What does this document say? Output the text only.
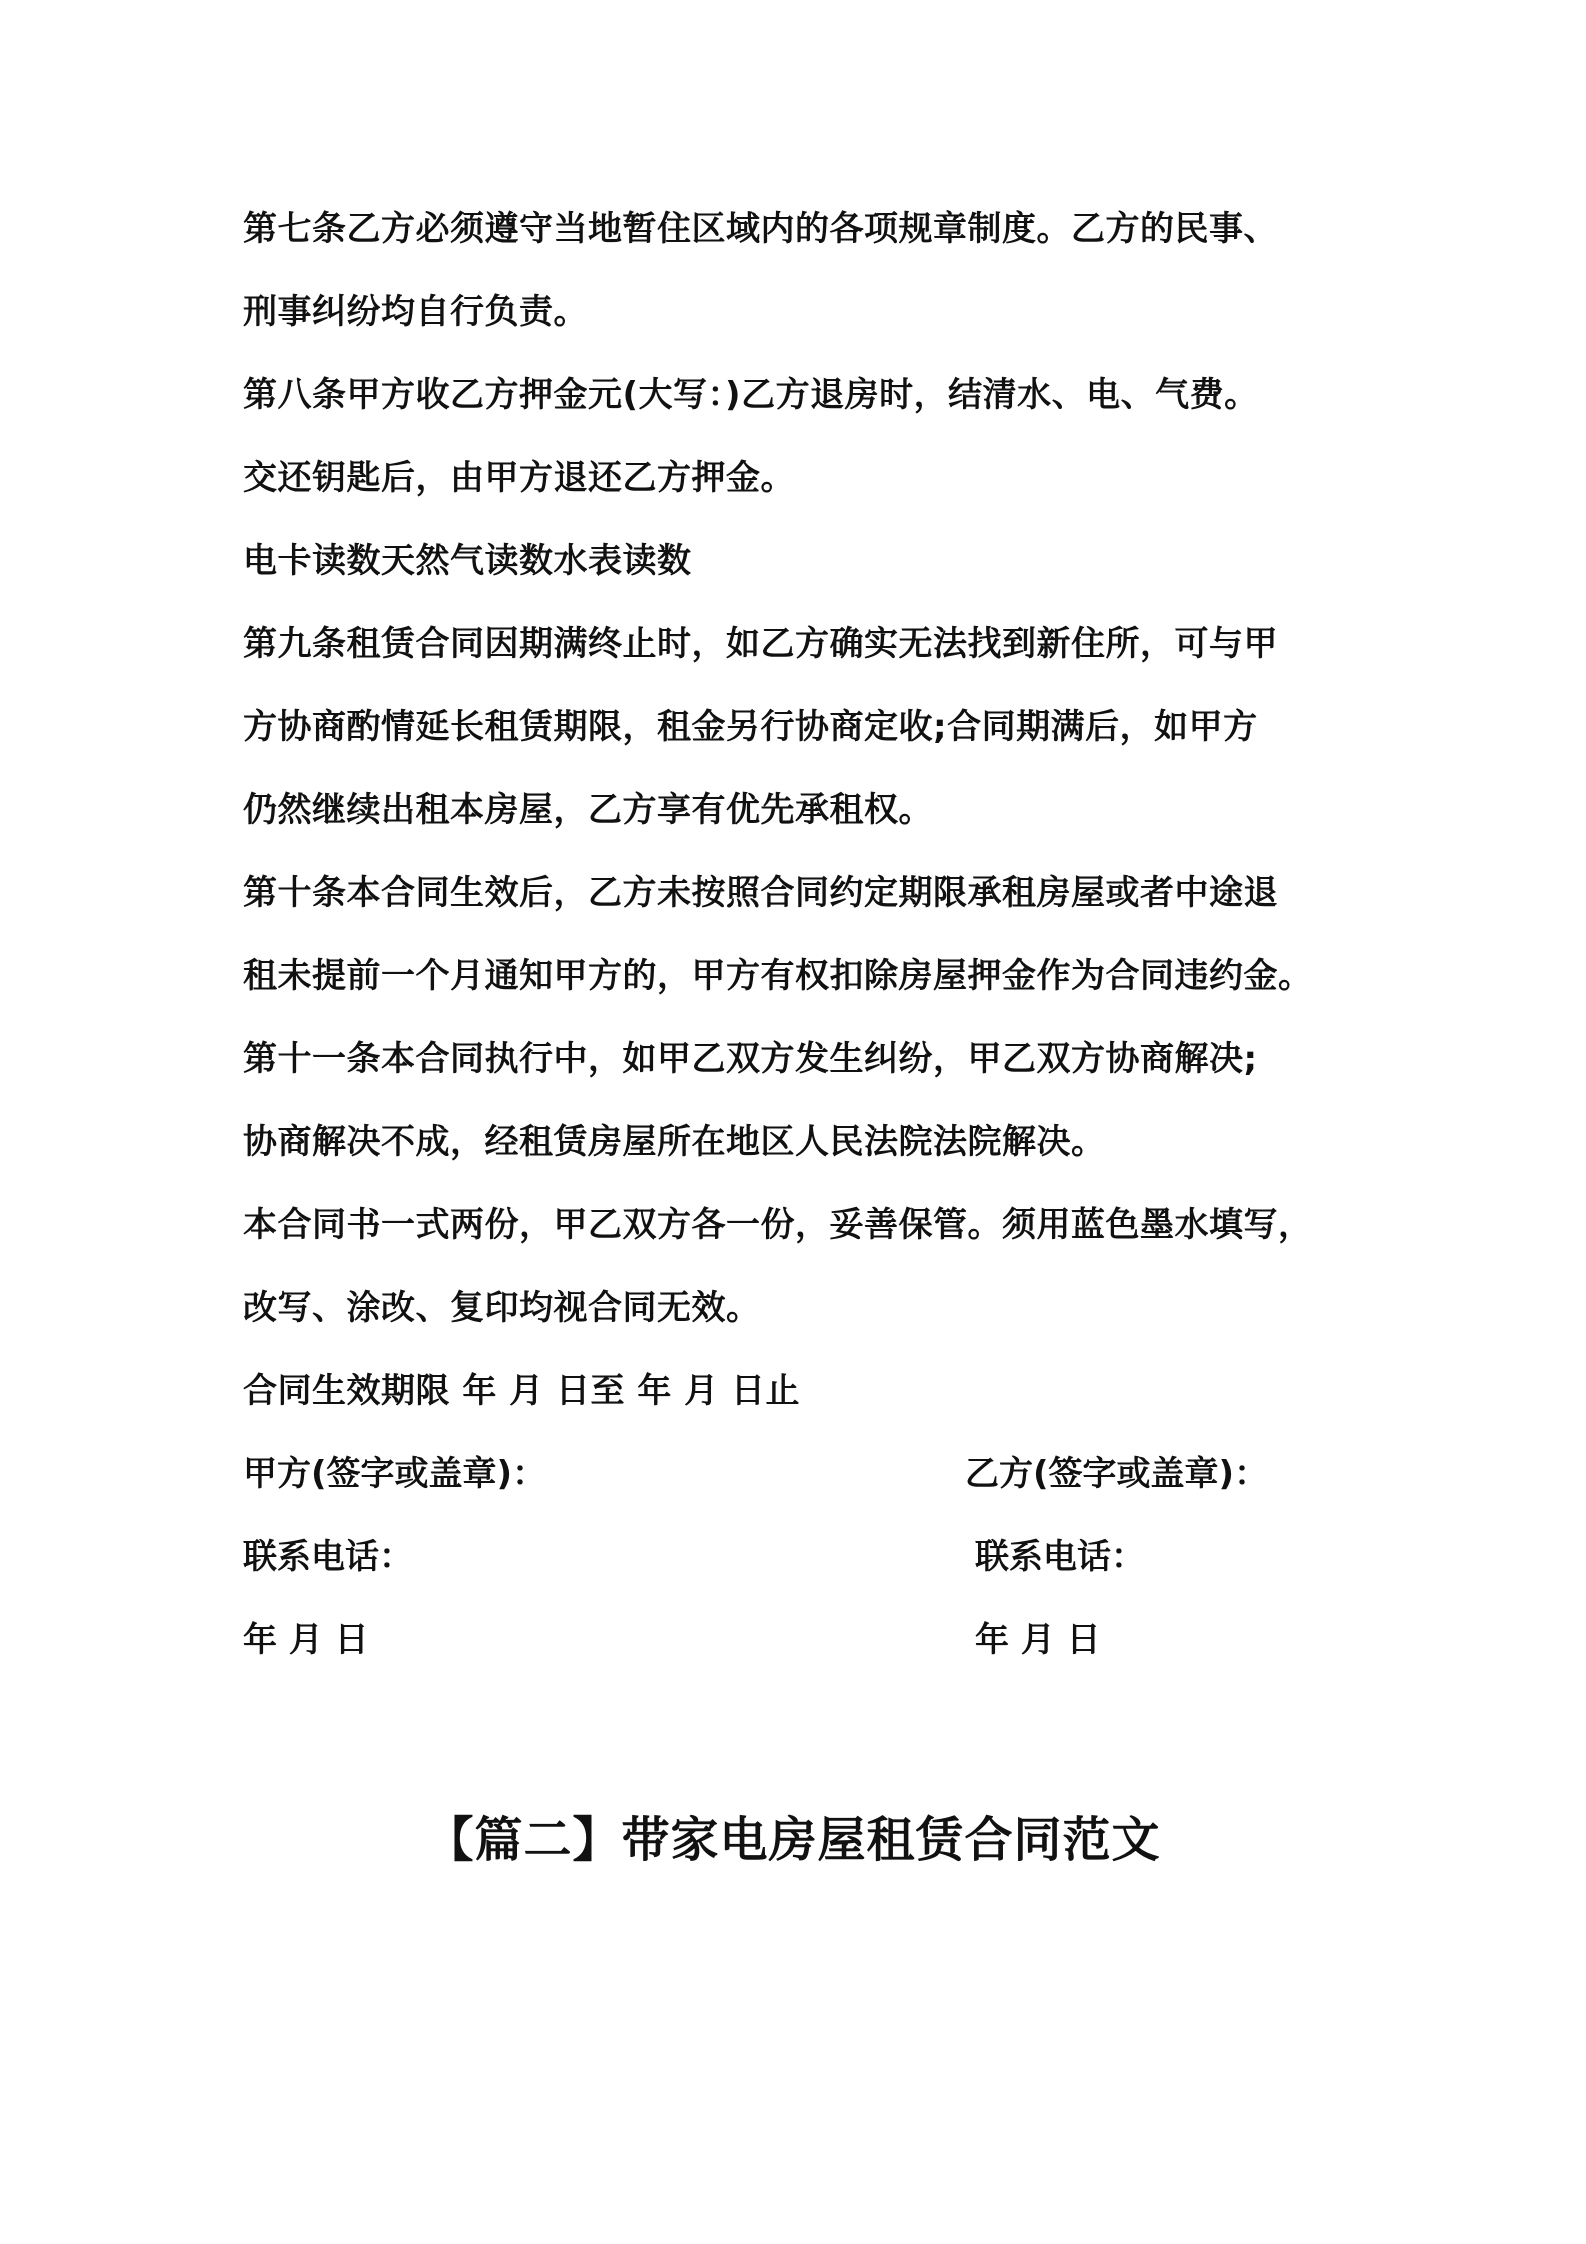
第七条乙方必须遵守当地暂住区域内的各项规章制度。乙方的民事、
刑事纠纷均自行负责。
第八条甲方收乙方押金元(大写：)乙方退房时，结清水、电、气费。
交还钥匙后，由甲方退还乙方押金。
电卡读数天然气读数水表读数
第九条租赁合同因期满终止时，如乙方确实无法找到新住所，可与甲
方协商酌情延长租赁期限，租金另行协商定收;合同期满后，如甲方
仍然继续出租本房屋，乙方享有优先承租权。
第十条本合同生效后，乙方未按照合同约定期限承租房屋或者中途退
租未提前一个月通知甲方的，甲方有权扣除房屋押金作为合同违约金。
第十一条本合同执行中，如甲乙双方发生纠纷，甲乙双方协商解决;
协商解决不成，经租赁房屋所在地区人民法院法院解决。
本合同书一式两份，甲乙双方各一份，妥善保管。须用蓝色墨水填写，
改写、涂改、复印均视合同无效。
合同生效期限 年 月 日至 年 月 日止
甲方(签字或盖章)：	乙方(签字或盖章)：
联系电话：	联系电话：
年 月 日	年 月 日
【篇二】带家电房屋租赁合同范文
